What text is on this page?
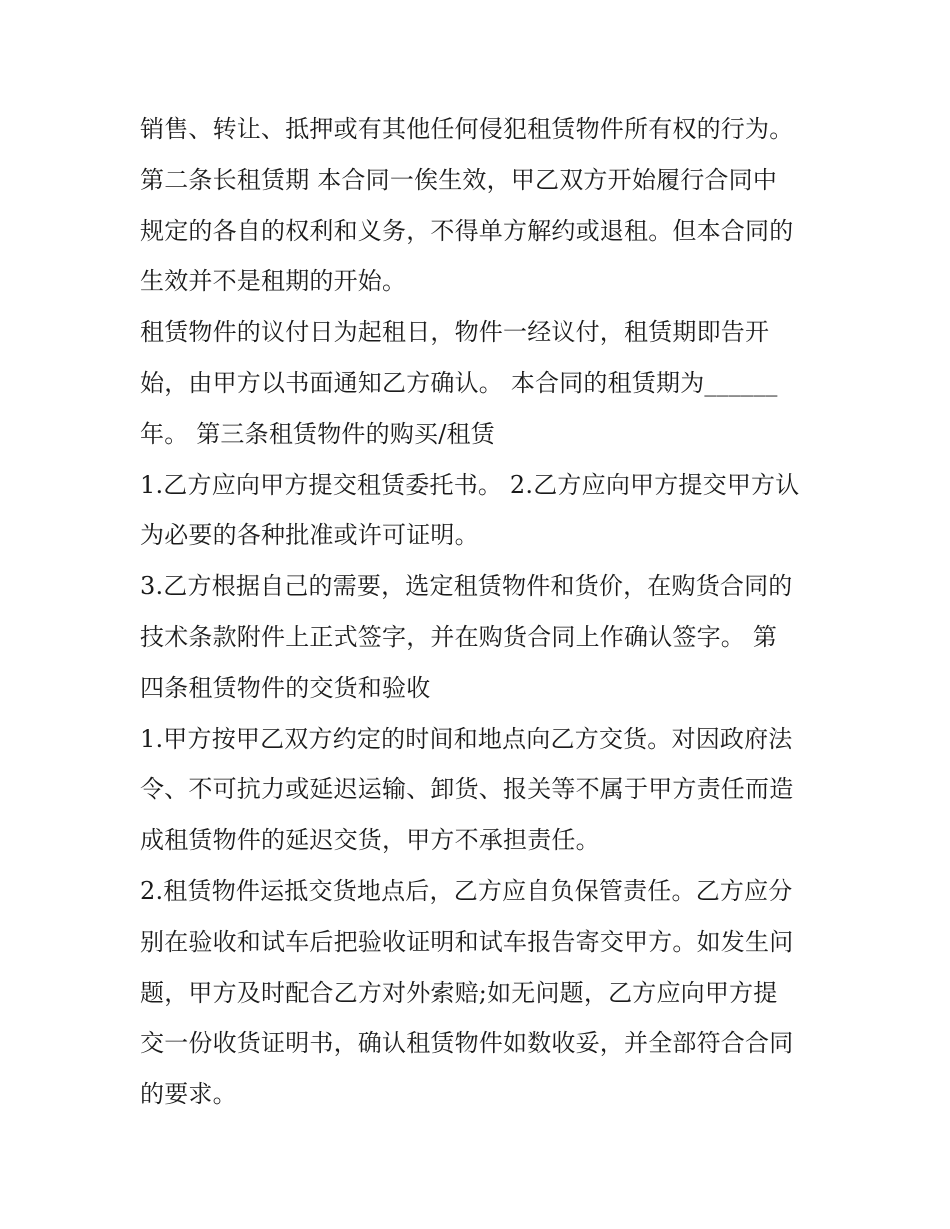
销售、转让、抵押或有其他任何侵犯租赁物件所有权的行为。
第二条长租赁期 本合同一俟生效，甲乙双方开始履行合同中
规定的各自的权利和义务，不得单方解约或退租。但本合同的
生效并不是租期的开始。
租赁物件的议付日为起租日，物件一经议付，租赁期即告开
始，由甲方以书面通知乙方确认。 本合同的租赁期为______
年。 第三条租赁物件的购买/租赁
1.乙方应向甲方提交租赁委托书。 2.乙方应向甲方提交甲方认
为必要的各种批准或许可证明。
3.乙方根据自己的需要，选定租赁物件和货价，在购货合同的
技术条款附件上正式签字，并在购货合同上作确认签字。 第
四条租赁物件的交货和验收
1.甲方按甲乙双方约定的时间和地点向乙方交货。对因政府法
令、不可抗力或延迟运输、卸货、报关等不属于甲方责任而造
成租赁物件的延迟交货，甲方不承担责任。
2.租赁物件运抵交货地点后，乙方应自负保管责任。乙方应分
别在验收和试车后把验收证明和试车报告寄交甲方。如发生问
题，甲方及时配合乙方对外索赔;如无问题，乙方应向甲方提
交一份收货证明书，确认租赁物件如数收妥，并全部符合合同
的要求。
